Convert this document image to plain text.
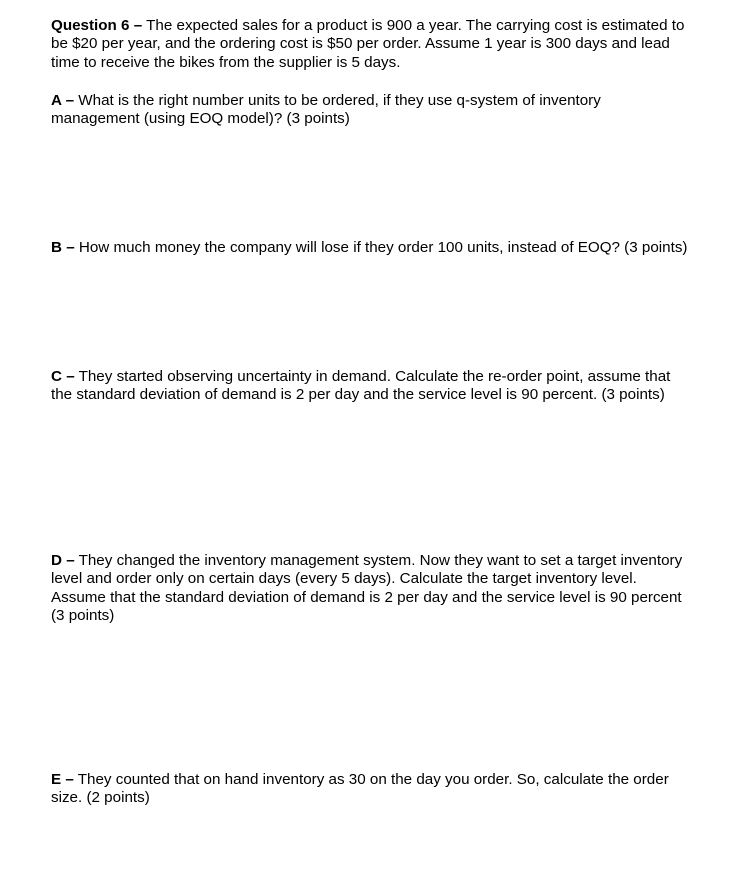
Question 6 – The expected sales for a product is 900 a year. The carrying cost is estimated to be $20 per year, and the ordering cost is $50 per order. Assume 1 year is 300 days and lead time to receive the bikes from the supplier is 5 days.

A – What is the right number units to be ordered, if they use q-system of inventory management (using EOQ model)? (3 points)

B – How much money the company will lose if they order 100 units, instead of EOQ? (3 points)

C – They started observing uncertainty in demand. Calculate the re-order point, assume that the standard deviation of demand is 2 per day and the service level is 90 percent. (3 points)

D – They changed the inventory management system. Now they want to set a target inventory level and order only on certain days (every 5 days). Calculate the target inventory level. Assume that the standard deviation of demand is 2 per day and the service level is 90 percent (3 points)

E – They counted that on hand inventory as 30 on the day you order. So, calculate the order size. (2 points)
